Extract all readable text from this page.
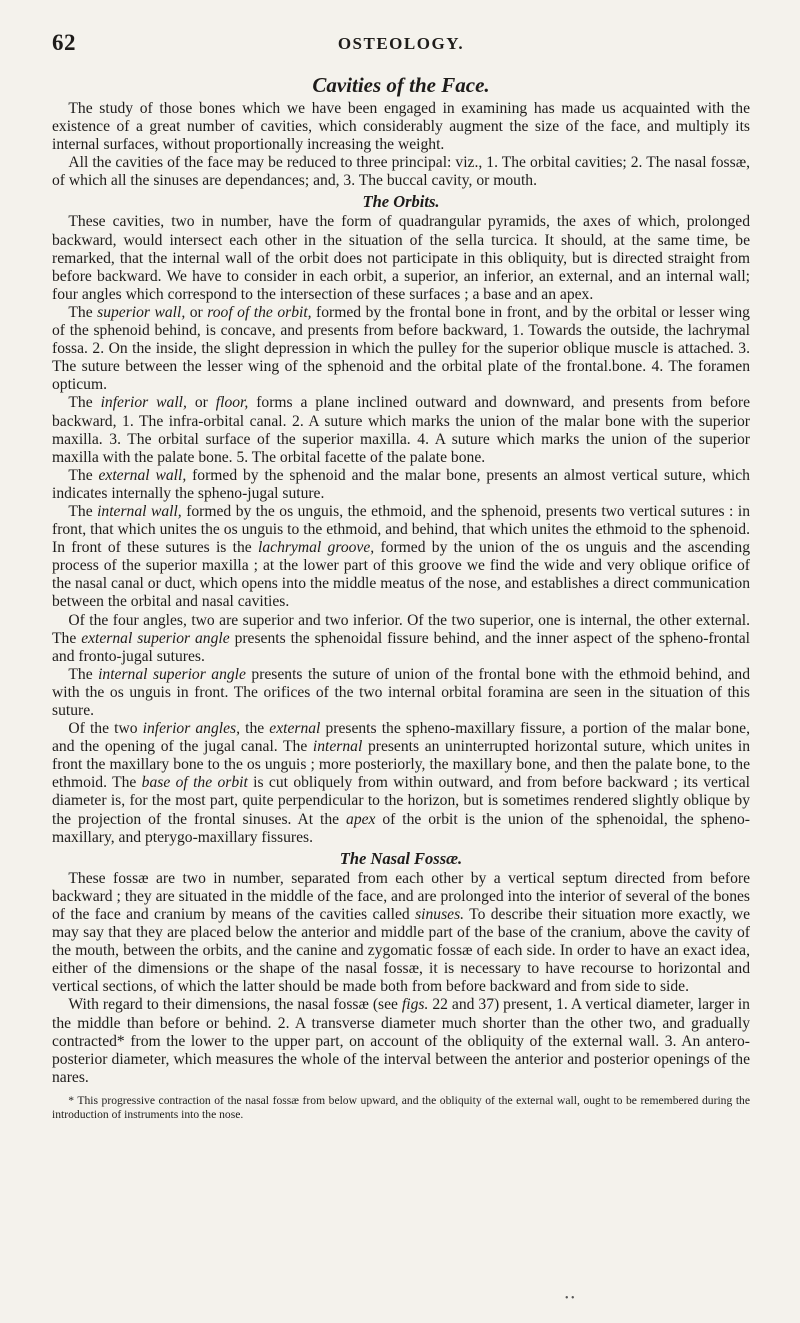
62	OSTEOLOGY.
Cavities of the Face.

The study of those bones which we have been engaged in examining has made us acquainted with the existence of a great number of cavities, which considerably augment the size of the face, and multiply its internal surfaces, without proportionally increasing the weight.

All the cavities of the face may be reduced to three principal: viz., 1. The orbital cavities; 2. The nasal fossæ, of which all the sinuses are dependances; and, 3. The buccal cavity, or mouth.

The Orbits.

These cavities, two in number, have the form of quadrangular pyramids, the axes of which, prolonged backward, would intersect each other in the situation of the sella turcica. It should, at the same time, be remarked, that the internal wall of the orbit does not participate in this obliquity, but is directed straight from before backward. We have to consider in each orbit, a superior, an inferior, an external, and an internal wall; four angles which correspond to the intersection of these surfaces ; a base and an apex.

The superior wall, or roof of the orbit, formed by the frontal bone in front, and by the orbital or lesser wing of the sphenoid behind, is concave, and presents from before backward, 1. Towards the outside, the lachrymal fossa. 2. On the inside, the slight depression in which the pulley for the superior oblique muscle is attached. 3. The suture between the lesser wing of the sphenoid and the orbital plate of the frontal.bone. 4. The foramen opticum.

The inferior wall, or floor, forms a plane inclined outward and downward, and presents from before backward, 1. The infra-orbital canal. 2. A suture which marks the union of the malar bone with the superior maxilla. 3. The orbital surface of the superior maxilla. 4. A suture which marks the union of the superior maxilla with the palate bone. 5. The orbital facette of the palate bone.

The external wall, formed by the sphenoid and the malar bone, presents an almost vertical suture, which indicates internally the spheno-jugal suture.

The internal wall, formed by the os unguis, the ethmoid, and the sphenoid, presents two vertical sutures : in front, that which unites the os unguis to the ethmoid, and behind, that which unites the ethmoid to the sphenoid. In front of these sutures is the lachrymal groove, formed by the union of the os unguis and the ascending process of the superior maxilla ; at the lower part of this groove we find the wide and very oblique orifice of the nasal canal or duct, which opens into the middle meatus of the nose, and establishes a direct communication between the orbital and nasal cavities.

Of the four angles, two are superior and two inferior. Of the two superior, one is internal, the other external. The external superior angle presents the sphenoidal fissure behind, and the inner aspect of the spheno-frontal and fronto-jugal sutures.

The internal superior angle presents the suture of union of the frontal bone with the ethmoid behind, and with the os unguis in front. The orifices of the two internal orbital foramina are seen in the situation of this suture.

Of the two inferior angles, the external presents the spheno-maxillary fissure, a portion of the malar bone, and the opening of the jugal canal. The internal presents an uninterrupted horizontal suture, which unites in front the maxillary bone to the os unguis ; more posteriorly, the maxillary bone, and then the palate bone, to the ethmoid. The base of the orbit is cut obliquely from within outward, and from before backward ; its vertical diameter is, for the most part, quite perpendicular to the horizon, but is sometimes rendered slightly oblique by the projection of the frontal sinuses. At the apex of the orbit is the union of the sphenoidal, the spheno-maxillary, and pterygo-maxillary fissures.

The Nasal Fossæ.

These fossæ are two in number, separated from each other by a vertical septum directed from before backward ; they are situated in the middle of the face, and are prolonged into the interior of several of the bones of the face and cranium by means of the cavities called sinuses. To describe their situation more exactly, we may say that they are placed below the anterior and middle part of the base of the cranium, above the cavity of the mouth, between the orbits, and the canine and zygomatic fossæ of each side. In order to have an exact idea, either of the dimensions or the shape of the nasal fossæ, it is necessary to have recourse to horizontal and vertical sections, of which the latter should be made both from before backward and from side to side.

With regard to their dimensions, the nasal fossæ (see figs. 22 and 37) present, 1. A vertical diameter, larger in the middle than before or behind. 2. A transverse diameter much shorter than the other two, and gradually contracted* from the lower to the upper part, on account of the obliquity of the external wall. 3. An antero-posterior diameter, which measures the whole of the interval between the anterior and posterior openings of the nares.

* This progressive contraction of the nasal fossæ from below upward, and the obliquity of the external wall, ought to be remembered during the introduction of instruments into the nose.

• •
